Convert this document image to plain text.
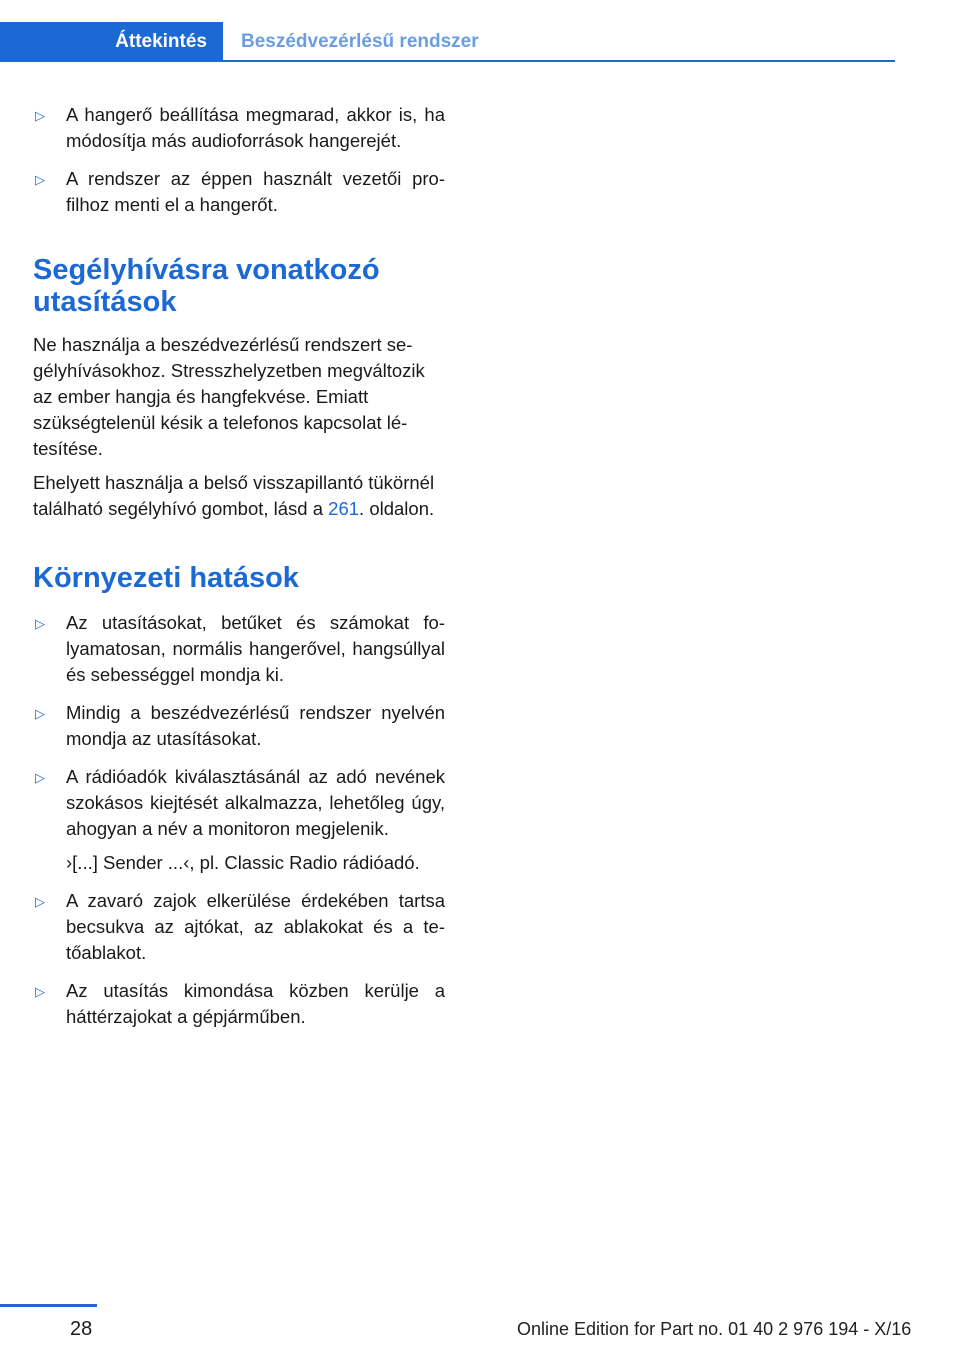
Áttekintés	Beszédvezérlésű rendszer
▷ A hangerő beállítása megmarad, akkor is, ha módosítja más audioforrások hangerejét.
▷ A rendszer az éppen használt vezetői profilhoz menti el a hangerőt.
Segélyhívásra vonatkozó utasítások

Ne használja a beszédvezérlésű rendszert segélyhívásokhoz. Stresszhelyzetben megváltozik az ember hangja és hangfekvése. Emiatt szükségtelenül késik a telefonos kapcsolat létesítése.

Ehelyett használja a belső visszapillantó tükörnél található segélyhívó gombot, lásd a 261. oldalon.

Környezeti hatások
▷ Az utasításokat, betűket és számokat folyamatosan, normális hangerővel, hangsúllyal és sebességgel mondja ki.
▷ Mindig a beszédvezérlésű rendszer nyelvén mondja az utasításokat.
▷ A rádióadók kiválasztásánál az adó nevének szokásos kiejtését alkalmazza, lehetőleg úgy, ahogyan a név a monitoron megjelenik.
›[...] Sender ...‹, pl. Classic Radio rádióadó.
▷ A zavaró zajok elkerülése érdekében tartsa becsukva az ajtókat, az ablakokat és a tetőablakot.
▷ Az utasítás kimondása közben kerülje a háttérzajokat a gépjárműben.
28	Online Edition for Part no. 01 40 2 976 194 - X/16
